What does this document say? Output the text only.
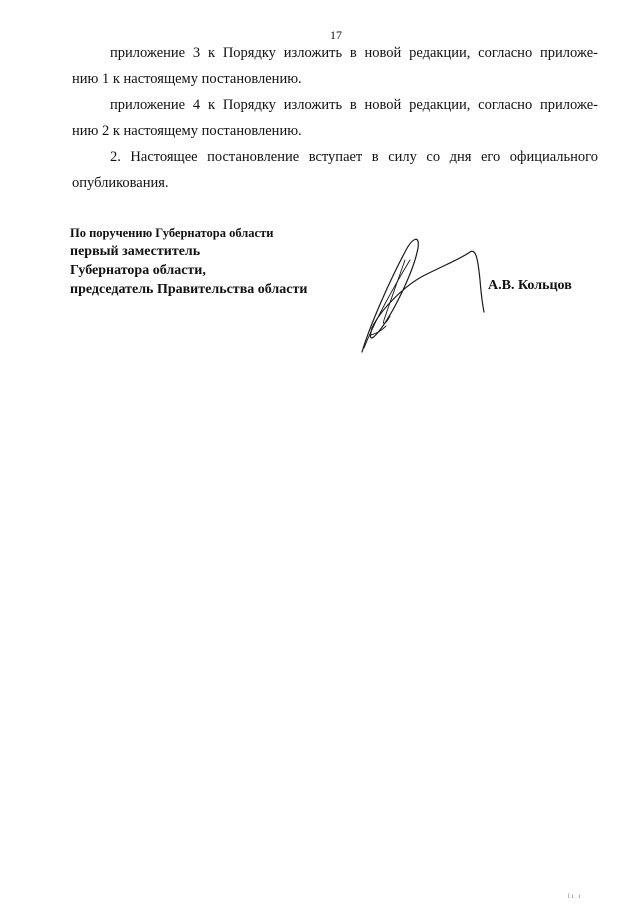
17

приложение 3 к Порядку изложить в новой редакции, согласно приложе-
нию 1 к настоящему постановлению.

приложение 4 к Порядку изложить в новой редакции, согласно приложе-
нию 2 к настоящему постановлению.

2. Настоящее постановление вступает в силу со дня его официального
опубликования.

По поручению Губернатора области
первый заместитель
Губернатора области,
председатель Правительства области	А.В. Кольцов
li ı
